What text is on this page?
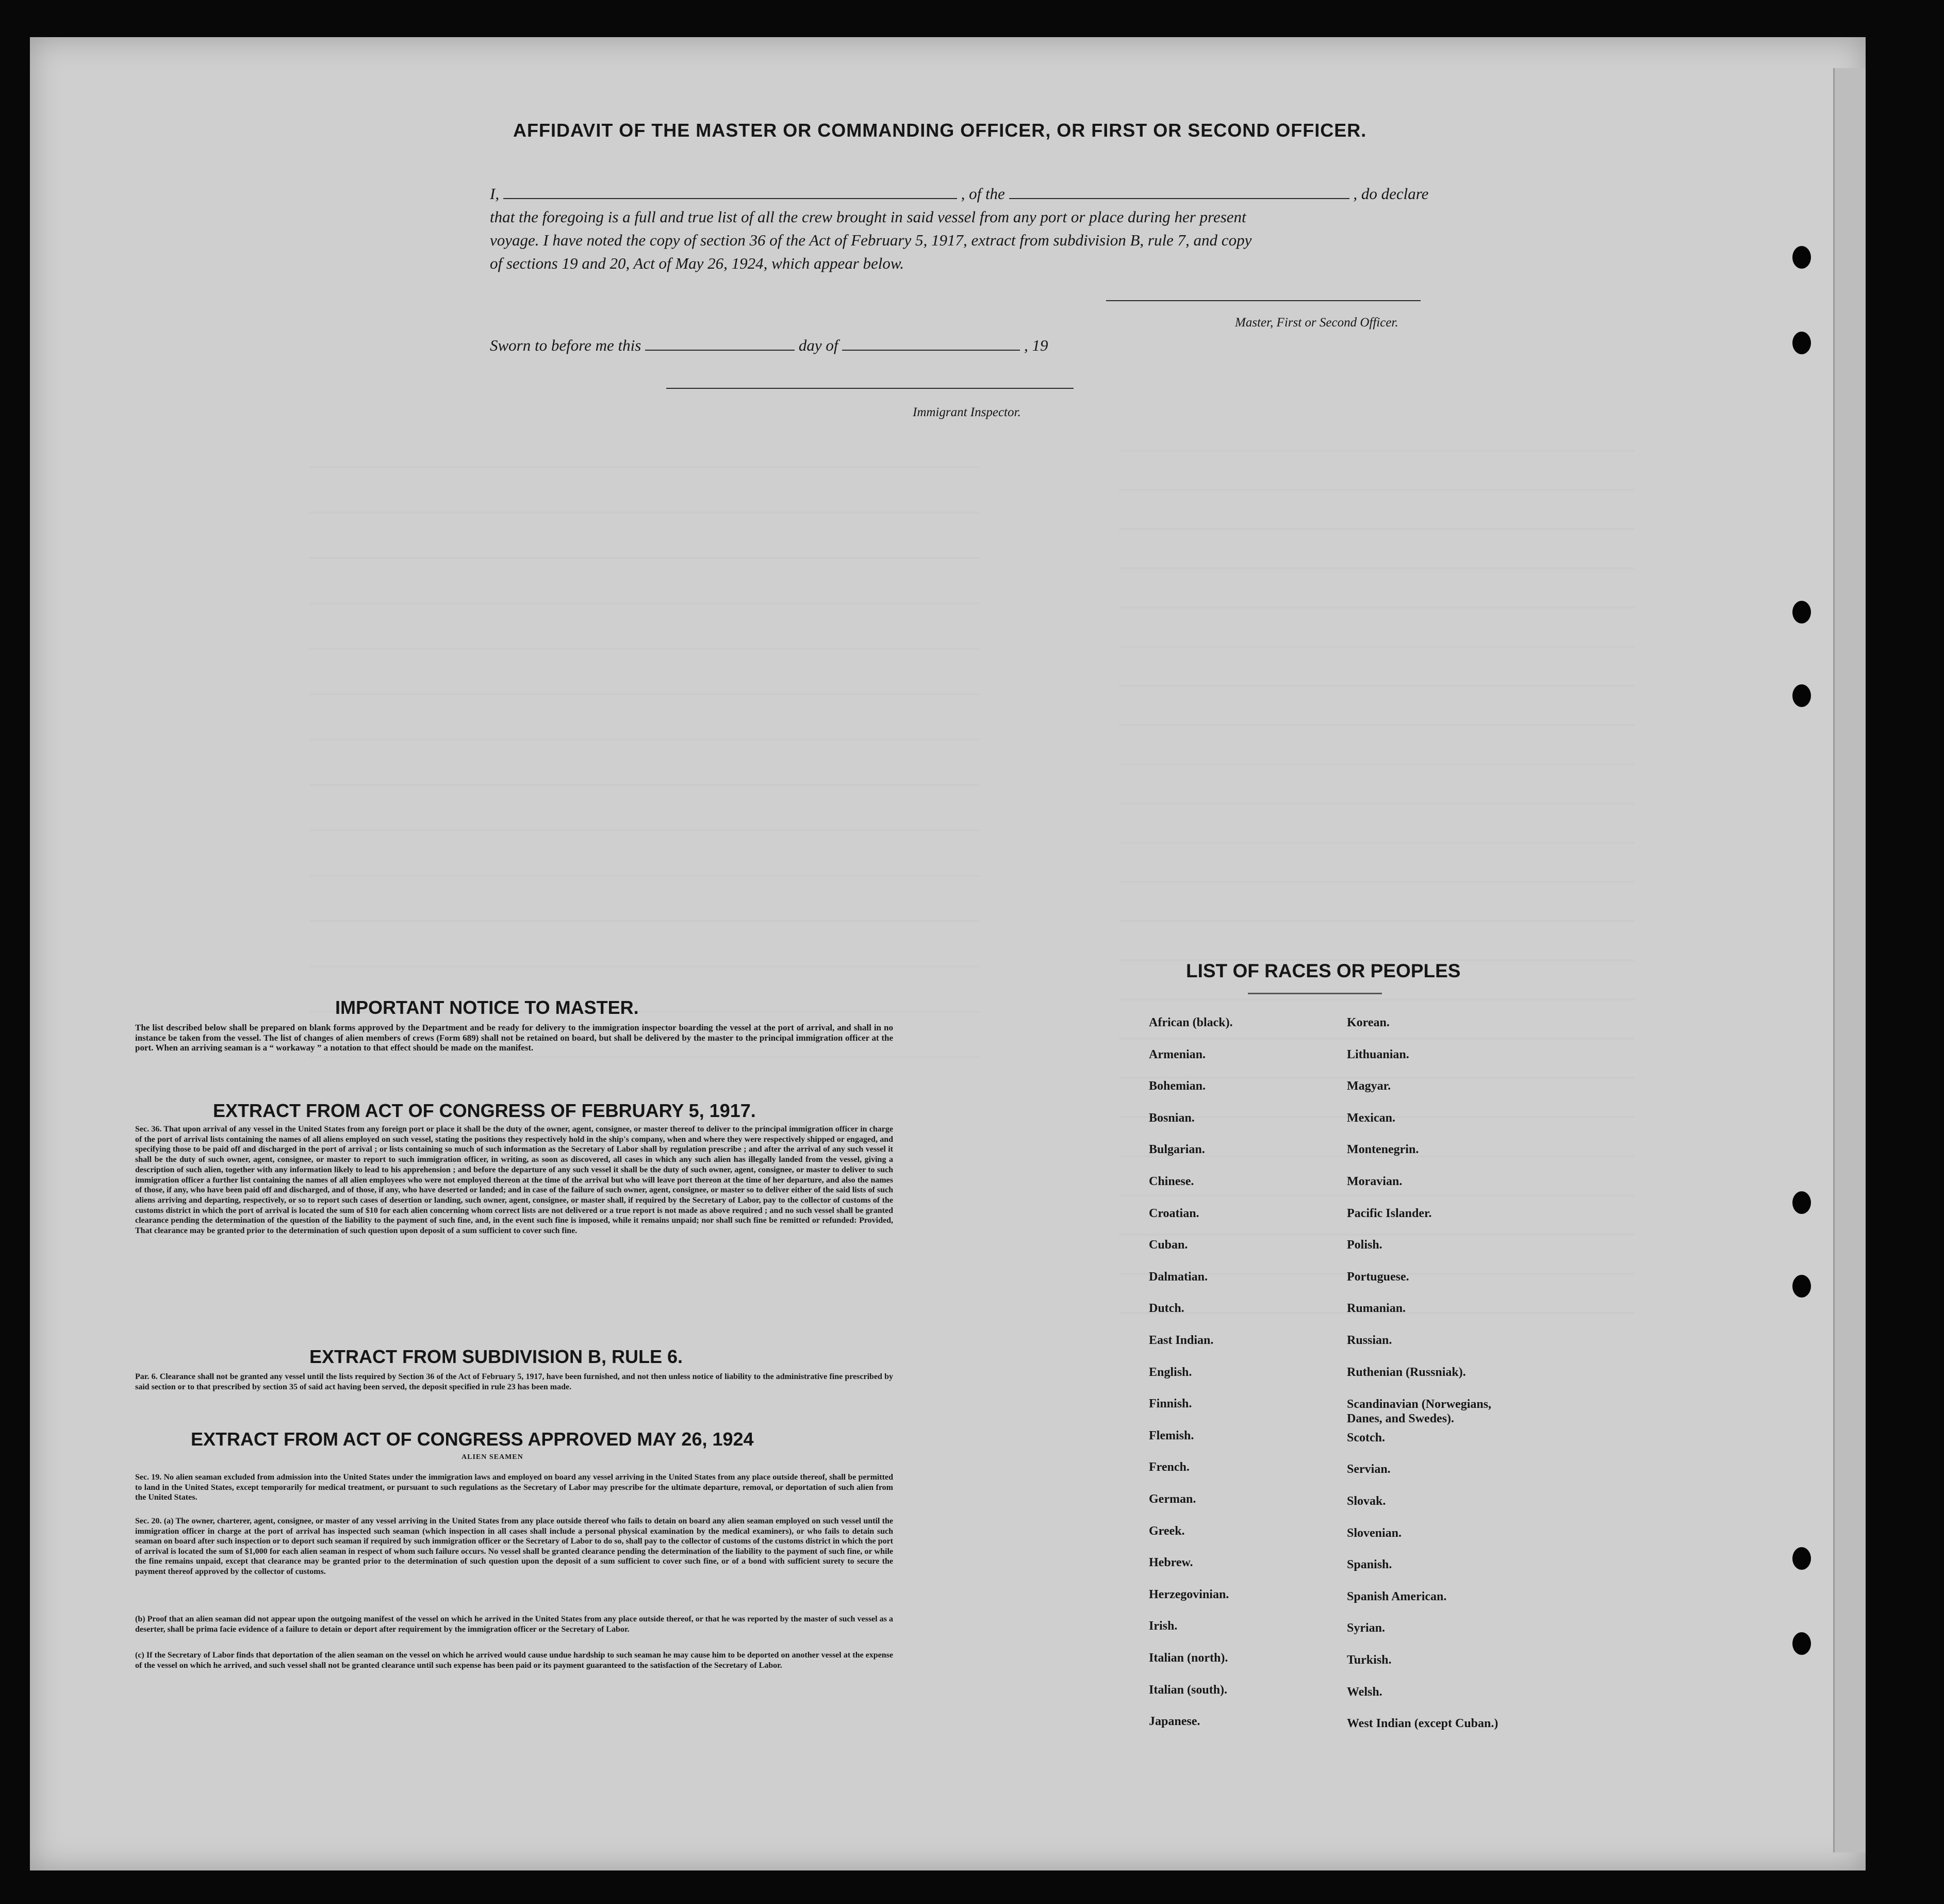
AFFIDAVIT OF THE MASTER OR COMMANDING OFFICER, OR FIRST OR SECOND OFFICER.
I,	, of the	, do declare
that the foregoing is a full and true list of all the crew brought in said vessel from any port or place during her present
voyage. I have noted the copy of section 36 of the Act of February 5, 1917, extract from subdivision B, rule 7, and copy
of sections 19 and 20, Act of May 26, 1924, which appear below.
Master, First or Second Officer.
Sworn to before me this	day of	, 19
Immigrant Inspector.
IMPORTANT NOTICE TO MASTER.
The list described below shall be prepared on blank forms approved by the Department and be ready for delivery to the immigration inspector boarding the vessel at the port of arrival, and shall in no instance be taken from the vessel. The list of changes of alien members of crews (Form 689) shall not be retained on board, but shall be delivered by the master to the principal immigration officer at the port. When an arriving seaman is a “ workaway ” a notation to that effect should be made on the manifest.
EXTRACT FROM ACT OF CONGRESS OF FEBRUARY 5, 1917.
Sec. 36. That upon arrival of any vessel in the United States from any foreign port or place it shall be the duty of the owner, agent, consignee, or master thereof to deliver to the principal immigration officer in charge of the port of arrival lists containing the names of all aliens employed on such vessel, stating the positions they respectively hold in the ship's company, when and where they were respectively shipped or engaged, and specifying those to be paid off and discharged in the port of arrival ; or lists containing so much of such information as the Secretary of Labor shall by regulation prescribe ; and after the arrival of any such vessel it shall be the duty of such owner, agent, consignee, or master to report to such immigration officer, in writing, as soon as discovered, all cases in which any such alien has illegally landed from the vessel, giving a description of such alien, together with any information likely to lead to his apprehension ; and before the departure of any such vessel it shall be the duty of such owner, agent, consignee, or master to deliver to such immigration officer a further list containing the names of all alien employees who were not employed thereon at the time of the arrival but who will leave port thereon at the time of her departure, and also the names of those, if any, who have been paid off and discharged, and of those, if any, who have deserted or landed; and in case of the failure of such owner, agent, consignee, or master so to deliver either of the said lists of such aliens arriving and departing, respectively, or so to report such cases of desertion or landing, such owner, agent, consignee, or master shall, if required by the Secretary of Labor, pay to the collector of customs of the customs district in which the port of arrival is located the sum of $10 for each alien concerning whom correct lists are not delivered or a true report is not made as above required ; and no such vessel shall be granted clearance pending the determination of the question of the liability to the payment of such fine, and, in the event such fine is imposed, while it remains unpaid; nor shall such fine be remitted or refunded: Provided, That clearance may be granted prior to the determination of such question upon deposit of a sum sufficient to cover such fine.
EXTRACT FROM SUBDIVISION B, RULE 6.
Par. 6. Clearance shall not be granted any vessel until the lists required by Section 36 of the Act of February 5, 1917, have been furnished, and not then unless notice of liability to the administrative fine prescribed by said section or to that prescribed by section 35 of said act having been served, the deposit specified in rule 23 has been made.
EXTRACT FROM ACT OF CONGRESS APPROVED MAY 26, 1924
ALIEN SEAMEN
Sec. 19. No alien seaman excluded from admission into the United States under the immigration laws and employed on board any vessel arriving in the United States from any place outside thereof, shall be permitted to land in the United States, except temporarily for medical treatment, or pursuant to such regulations as the Secretary of Labor may prescribe for the ultimate departure, removal, or deportation of such alien from the United States.
Sec. 20. (a) The owner, charterer, agent, consignee, or master of any vessel arriving in the United States from any place outside thereof who fails to detain on board any alien seaman employed on such vessel until the immigration officer in charge at the port of arrival has inspected such seaman (which inspection in all cases shall include a personal physical examination by the medical examiners), or who fails to detain such seaman on board after such inspection or to deport such seaman if required by such immigration officer or the Secretary of Labor to do so, shall pay to the collector of customs of the customs district in which the port of arrival is located the sum of $1,000 for each alien seaman in respect of whom such failure occurs. No vessel shall be granted clearance pending the determination of the liability to the payment of such fine, or while the fine remains unpaid, except that clearance may be granted prior to the determination of such question upon the deposit of a sum sufficient to cover such fine, or of a bond with sufficient surety to secure the payment thereof approved by the collector of customs.
(b) Proof that an alien seaman did not appear upon the outgoing manifest of the vessel on which he arrived in the United States from any place outside thereof, or that he was reported by the master of such vessel as a deserter, shall be prima facie evidence of a failure to detain or deport after requirement by the immigration officer or the Secretary of Labor.
(c) If the Secretary of Labor finds that deportation of the alien seaman on the vessel on which he arrived would cause undue hardship to such seaman he may cause him to be deported on another vessel at the expense of the vessel on which he arrived, and such vessel shall not be granted clearance until such expense has been paid or its payment guaranteed to the satisfaction of the Secretary of Labor.
LIST OF RACES OR PEOPLES
African (black).
Armenian.
Bohemian.
Bosnian.
Bulgarian.
Chinese.
Croatian.
Cuban.
Dalmatian.
Dutch.
East Indian.
English.
Finnish.
Flemish.
French.
German.
Greek.
Hebrew.
Herzegovinian.
Irish.
Italian (north).
Italian (south).
Japanese.
Korean.
Lithuanian.
Magyar.
Mexican.
Montenegrin.
Moravian.
Pacific Islander.
Polish.
Portuguese.
Rumanian.
Russian.
Ruthenian (Russniak).
Scandinavian (Norwegians, Danes, and Swedes).
Scotch.
Servian.
Slovak.
Slovenian.
Spanish.
Spanish American.
Syrian.
Turkish.
Welsh.
West Indian (except Cuban.)
